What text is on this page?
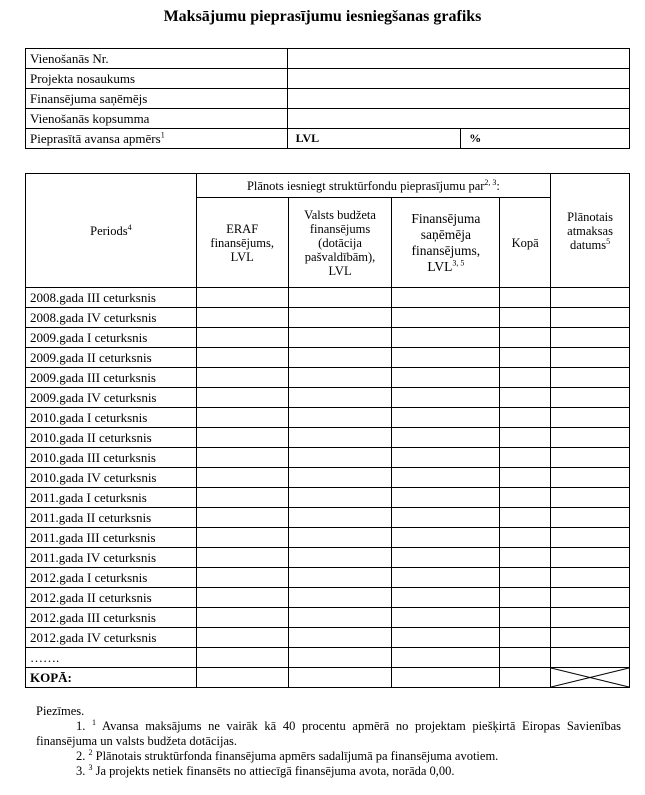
Maksājumu pieprasījumu iesniegšanas grafiks
Vienošanās Nr.		
Projekta nosaukums		
Finansējuma saņēmējs		
Vienošanās kopsumma		
Pieprasītā avansa apmērs$^1$	LVL	%
Periods$^4$	Plānots iesniegt struktūrfondu pieprasījumu par$^{2, 3}$:				Plānotais atmaksas datums$^5$
	ERAF finansējums, LVL	Valsts budžeta finansējums (dotācija pašvaldībām), LVL	Finansējuma saņēmēja finansējums, LVL$^{3, 5}$	Kopā	
2008.gada III ceturksnis					
2008.gada IV ceturksnis					
2009.gada I ceturksnis					
2009.gada II ceturksnis					
2009.gada III ceturksnis					
2009.gada IV ceturksnis					
2010.gada I ceturksnis					
2010.gada II ceturksnis					
2010.gada III ceturksnis					
2010.gada IV ceturksnis					
2011.gada I ceturksnis					
2011.gada II ceturksnis					
2011.gada III ceturksnis					
2011.gada IV ceturksnis					
2012.gada I ceturksnis					
2012.gada II ceturksnis					
2012.gada III ceturksnis					
2012.gada IV ceturksnis					
…….					
KOPĀ:					

Piezīmes.

1. $^1$ Avansa maksājums ne vairāk kā 40 procentu apmērā no projektam piešķirtā Eiropas Savienības finansējuma un valsts budžeta dotācijas.

2. $^2$ Plānotais struktūrfonda finansējuma apmērs sadalījumā pa finansējuma avotiem.

3. $^3$ Ja projekts netiek finansēts no attiecīgā finansējuma avota, norāda 0,00.
